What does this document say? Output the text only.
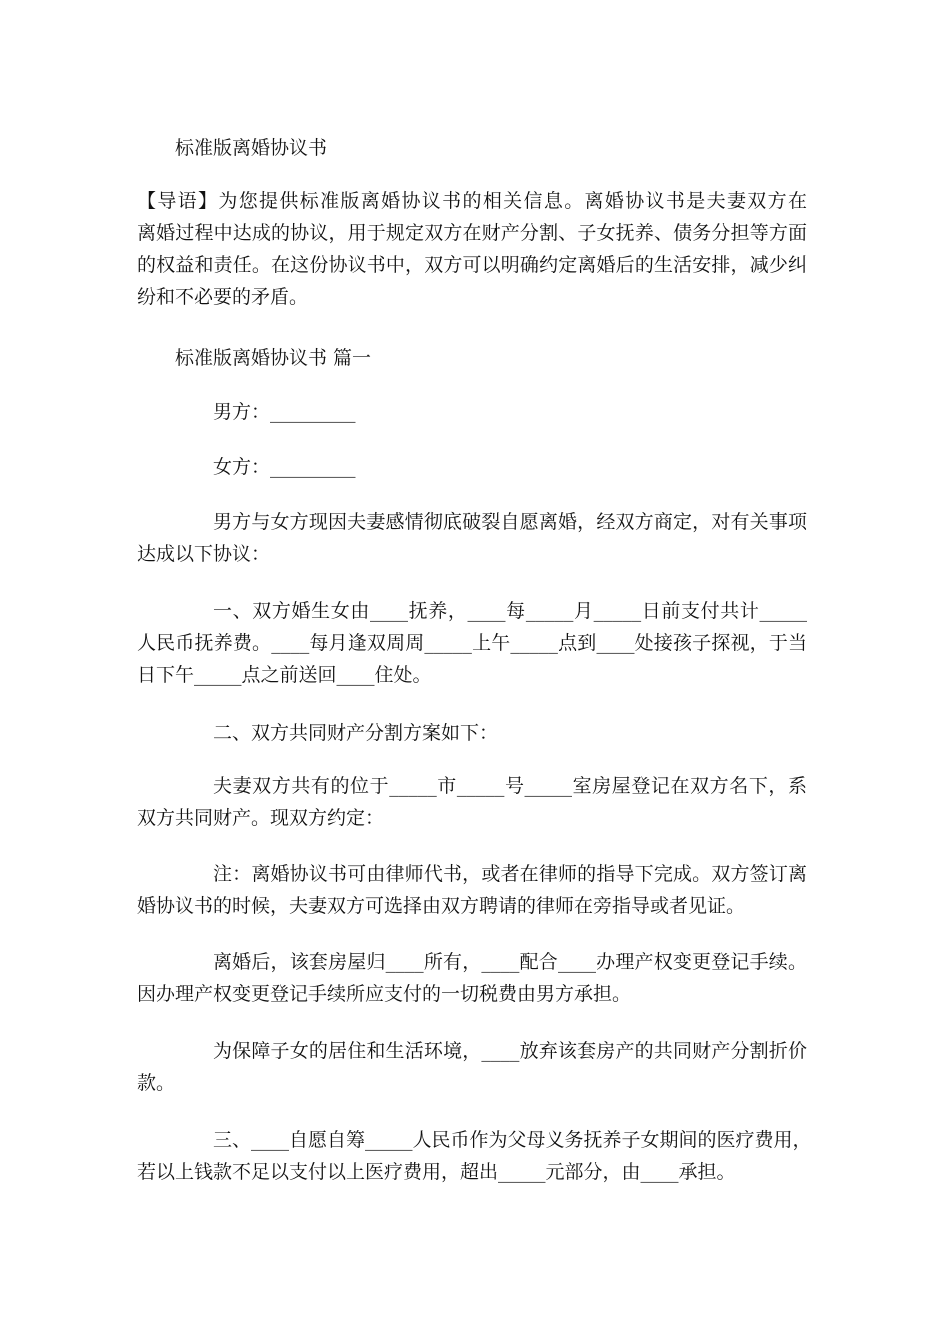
标准版离婚协议书
【导语】为您提供标准版离婚协议书的相关信息。离婚协议书是夫妻双方在
离婚过程中达成的协议，用于规定双方在财产分割、子女抚养、债务分担等方面
的权益和责任。在这份协议书中，双方可以明确约定离婚后的生活安排，减少纠
纷和不必要的矛盾。
标准版离婚协议书 篇一
男方：_________
女方：_________
男方与女方现因夫妻感情彻底破裂自愿离婚，经双方商定，对有关事项
达成以下协议：
一、双方婚生女由____抚养，____每_____月_____日前支付共计_____
人民币抚养费。____每月逢双周周_____上午_____点到____处接孩子探视，于当
日下午_____点之前送回____住处。
二、双方共同财产分割方案如下：
夫妻双方共有的位于_____市_____号_____室房屋登记在双方名下，系
双方共同财产。现双方约定：
注：离婚协议书可由律师代书，或者在律师的指导下完成。双方签订离
婚协议书的时候，夫妻双方可选择由双方聘请的律师在旁指导或者见证。
离婚后，该套房屋归____所有，____配合____办理产权变更登记手续。
因办理产权变更登记手续所应支付的一切税费由男方承担。
为保障子女的居住和生活环境，____放弃该套房产的共同财产分割折价
款。
三、____自愿自筹_____人民币作为父母义务抚养子女期间的医疗费用，
若以上钱款不足以支付以上医疗费用，超出_____元部分，由____承担。
